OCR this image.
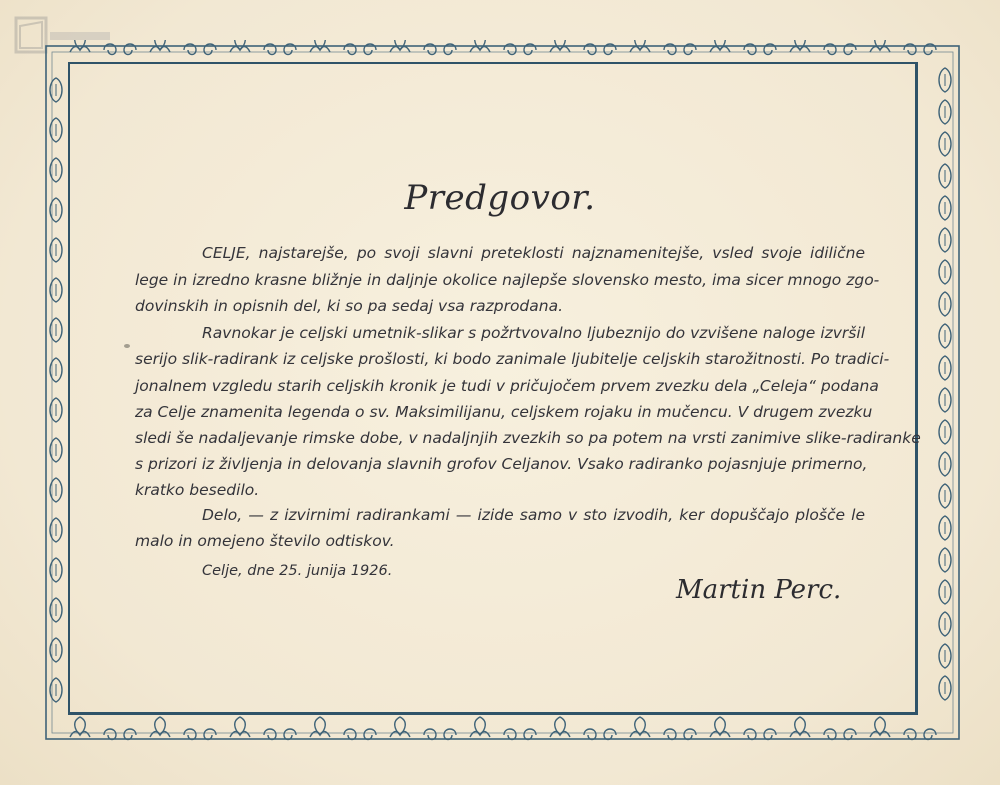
Predgovor.
CELJE, najstarejše, po svoji slavni preteklosti najznamenitejše, vsled svoje idilične
lege in izredno krasne bližnje in daljnje okolice najlepše slovensko mesto, ima sicer mnogo zgo-
dovinskih in opisnih del, ki so pa sedaj vsa razprodana.
Ravnokar je celjski umetnik-slikar s požrtvovalno ljubeznijo do vzvišene naloge izvršil
serijo slik-radirank iz celjske prošlosti, ki bodo zanimale ljubitelje celjskih starožitnosti. Po tradici-
jonalnem vzgledu starih celjskih kronik je tudi v pričujočem prvem zvezku dela „Celeja“ podana
za Celje znamenita legenda o sv. Maksimilijanu, celjskem rojaku in mučencu. V drugem zvezku
sledi še nadaljevanje rimske dobe, v nadaljnjih zvezkih so pa potem na vrsti zanimive slike-radiranke
s prizori iz življenja in delovanja slavnih grofov Celjanov. Vsako radiranko pojasnjuje primerno,
kratko besedilo.
Delo, — z izvirnimi radirankami — izide samo v sto izvodih, ker dopuščajo plošče le
malo in omejeno število odtiskov.
Celje, dne 25. junija 1926.
Martin Perc.
